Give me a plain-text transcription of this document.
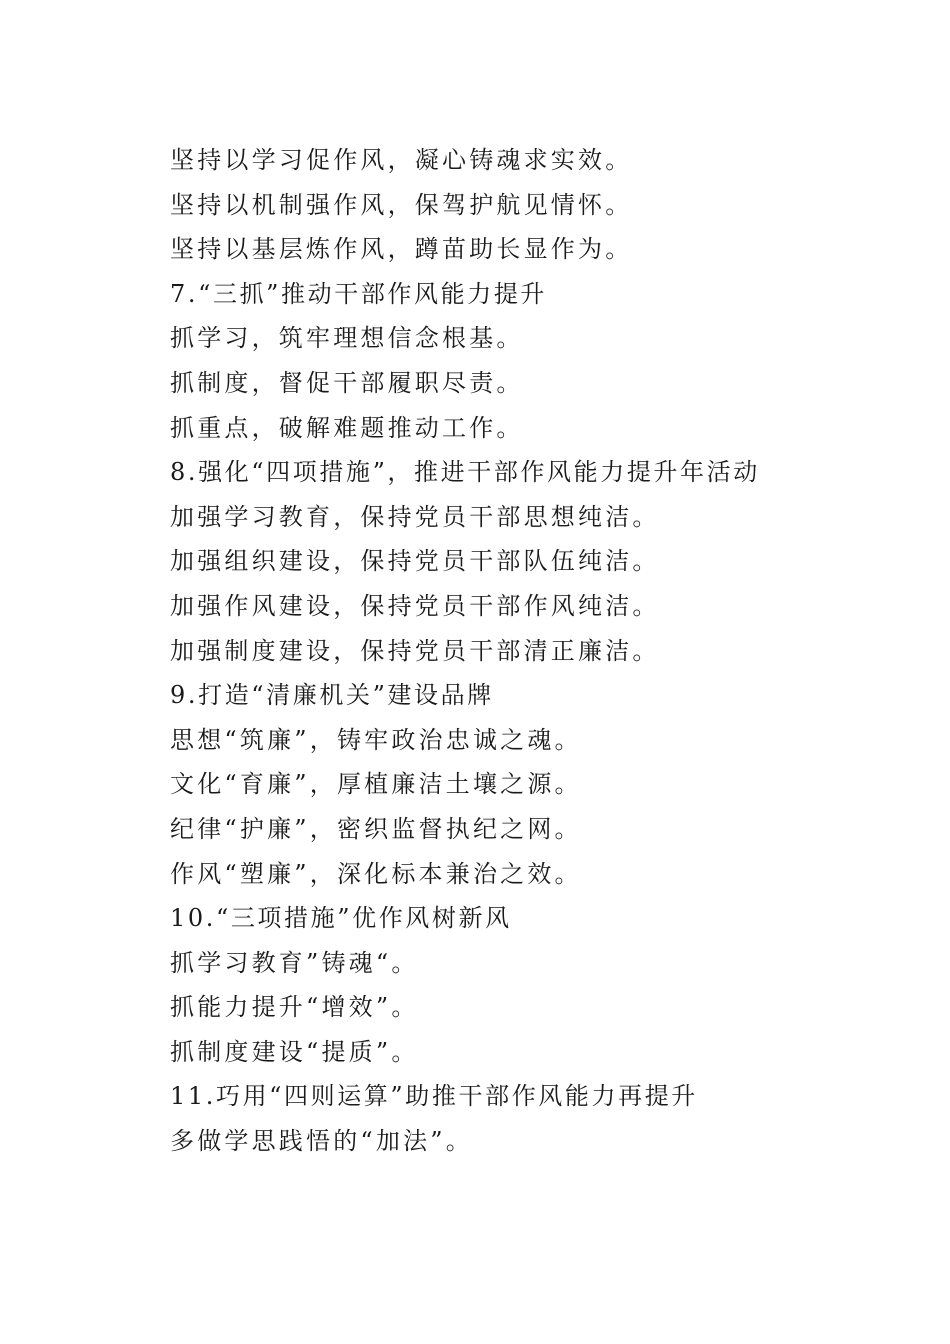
坚持以学习促作风，凝心铸魂求实效。
坚持以机制强作风，保驾护航见情怀。
坚持以基层炼作风，蹲苗助长显作为。
7.“三抓”推动干部作风能力提升
抓学习，筑牢理想信念根基。
抓制度，督促干部履职尽责。
抓重点，破解难题推动工作。
8.强化“四项措施”，推进干部作风能力提升年活动
加强学习教育，保持党员干部思想纯洁。
加强组织建设，保持党员干部队伍纯洁。
加强作风建设，保持党员干部作风纯洁。
加强制度建设，保持党员干部清正廉洁。
9.打造“清廉机关”建设品牌
思想“筑廉”，铸牢政治忠诚之魂。
文化“育廉”，厚植廉洁土壤之源。
纪律“护廉”，密织监督执纪之网。
作风“塑廉”，深化标本兼治之效。
10.“三项措施”优作风树新风
抓学习教育”铸魂“。
抓能力提升“增效”。
抓制度建设“提质”。
11.巧用“四则运算”助推干部作风能力再提升
多做学思践悟的“加法”。
